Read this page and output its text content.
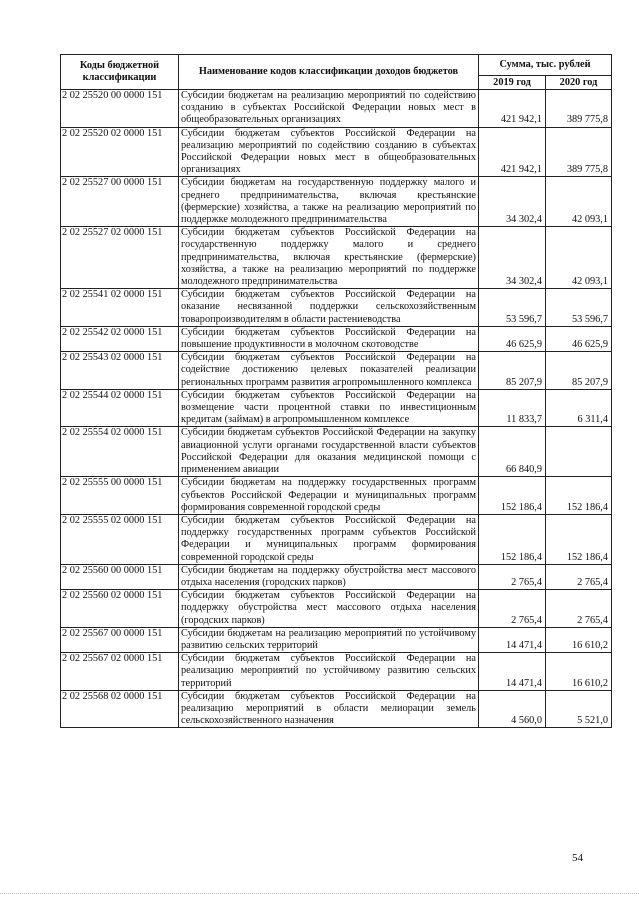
Коды бюджетной
классификации	Наименование кодов классификации доходов бюджетов	Сумма, тыс. рублей	
		2019 год	2020 год
2 02 25520 00 0000 151	Субсидии бюджетам на реализацию мероприятий по содействию созданию в субъектах Российской Федерации новых мест в общеобразовательных организациях	421 942,1	389 775,8
2 02 25520 02 0000 151	Субсидии бюджетам субъектов Российской Федерации на реализацию мероприятий по содействию созданию в субъектах Российской Федерации новых мест в общеобразовательных организациях	421 942,1	389 775,8
2 02 25527 00 0000 151	Субсидии бюджетам на государственную поддержку малого и среднего предпринимательства, включая крестьянские (фермерские) хозяйства, а также на реализацию мероприятий по поддержке молодежного предпринимательства	34 302,4	42 093,1
2 02 25527 02 0000 151	Субсидии бюджетам субъектов Российской Федерации на государственную поддержку малого и среднего предпринимательства, включая крестьянские (фермерские) хозяйства, а также на реализацию мероприятий по поддержке молодежного предпринимательства	34 302,4	42 093,1
2 02 25541 02 0000 151	Субсидии бюджетам субъектов Российской Федерации на оказание несвязанной поддержки сельскохозяйственным товаропроизводителям в области растениеводства	53 596,7	53 596,7
2 02 25542 02 0000 151	Субсидии бюджетам субъектов Российской Федерации на повышение продуктивности в молочном скотоводстве	46 625,9	46 625,9
2 02 25543 02 0000 151	Субсидии бюджетам субъектов Российской Федерации на содействие достижению целевых показателей реализации региональных программ развития агропромышленного комплекса	85 207,9	85 207,9
2 02 25544 02 0000 151	Субсидии бюджетам субъектов Российской Федерации на возмещение части процентной ставки по инвестиционным кредитам (займам) в агропромышленном комплексе	11 833,7	6 311,4
2 02 25554 02 0000 151	Субсидии бюджетам субъектов Российской Федерации на закупку авиационной услуги органами государственной власти субъектов Российской Федерации для оказания медицинской помощи с применением авиации	66 840,9	
2 02 25555 00 0000 151	Субсидии бюджетам на поддержку государственных программ субъектов Российской Федерации и муниципальных программ формирования современной городской среды	152 186,4	152 186,4
2 02 25555 02 0000 151	Субсидии бюджетам субъектов Российской Федерации на поддержку государственных программ субъектов Российской Федерации и муниципальных программ формирования современной городской среды	152 186,4	152 186,4
2 02 25560 00 0000 151	Субсидии бюджетам на поддержку обустройства мест массового отдыха населения (городских парков)	2 765,4	2 765,4
2 02 25560 02 0000 151	Субсидии бюджетам субъектов Российской Федерации на поддержку обустройства мест массового отдыха населения (городских парков)	2 765,4	2 765,4
2 02 25567 00 0000 151	Субсидии бюджетам на реализацию мероприятий по устойчивому развитию сельских территорий	14 471,4	16 610,2
2 02 25567 02 0000 151	Субсидии бюджетам субъектов Российской Федерации на реализацию мероприятий по устойчивому развитию сельских территорий	14 471,4	16 610,2
2 02 25568 02 0000 151	Субсидии бюджетам субъектов Российской Федерации на реализацию мероприятий в области мелиорации земель сельскохозяйственного назначения	4 560,0	5 521,0
54
